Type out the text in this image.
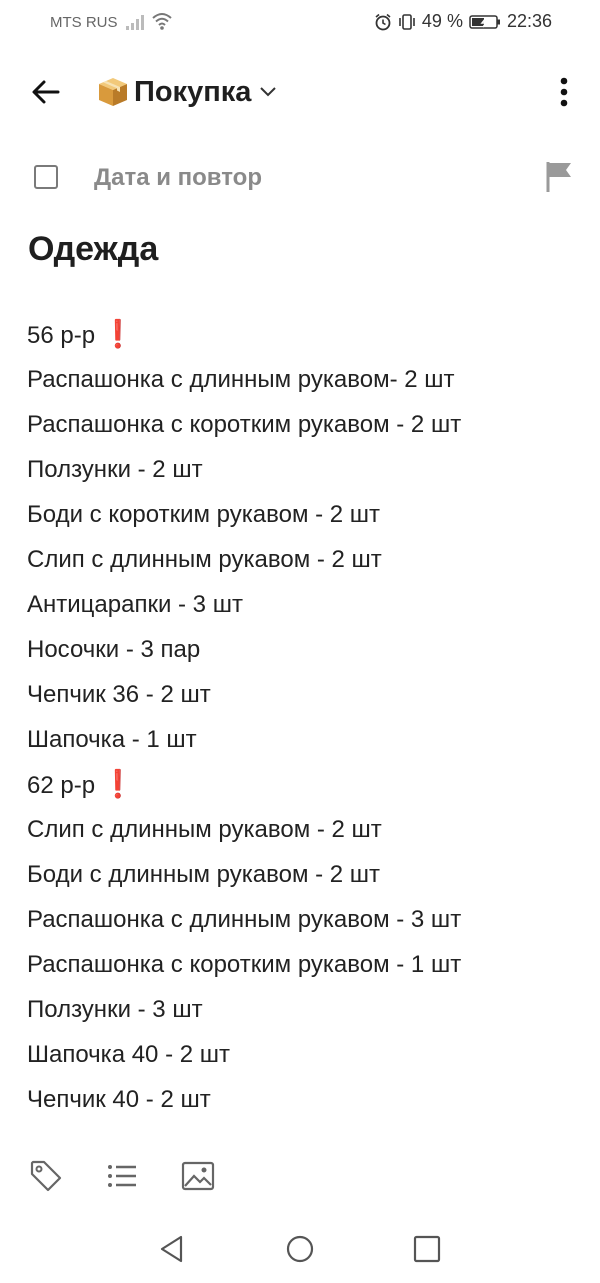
MTS RUS	49 % 22:36
Покупка
Дата и повтор
Одежда
56 р-р ❗
Распашонка с длинным рукавом- 2 шт
Распашонка с коротким рукавом - 2 шт
Ползунки - 2 шт
Боди с коротким рукавом - 2 шт
Слип с длинным рукавом - 2 шт
Антицарапки - 3 шт
Носочки - 3 пар
Чепчик 36 - 2 шт
Шапочка - 1 шт
62 р-р ❗
Слип с длинным рукавом - 2 шт
Боди с длинным рукавом - 2 шт
Распашонка с длинным рукавом - 3 шт
Распашонка с коротким рукавом - 1 шт
Ползунки - 3 шт
Шапочка 40 - 2 шт
Чепчик 40 - 2 шт
